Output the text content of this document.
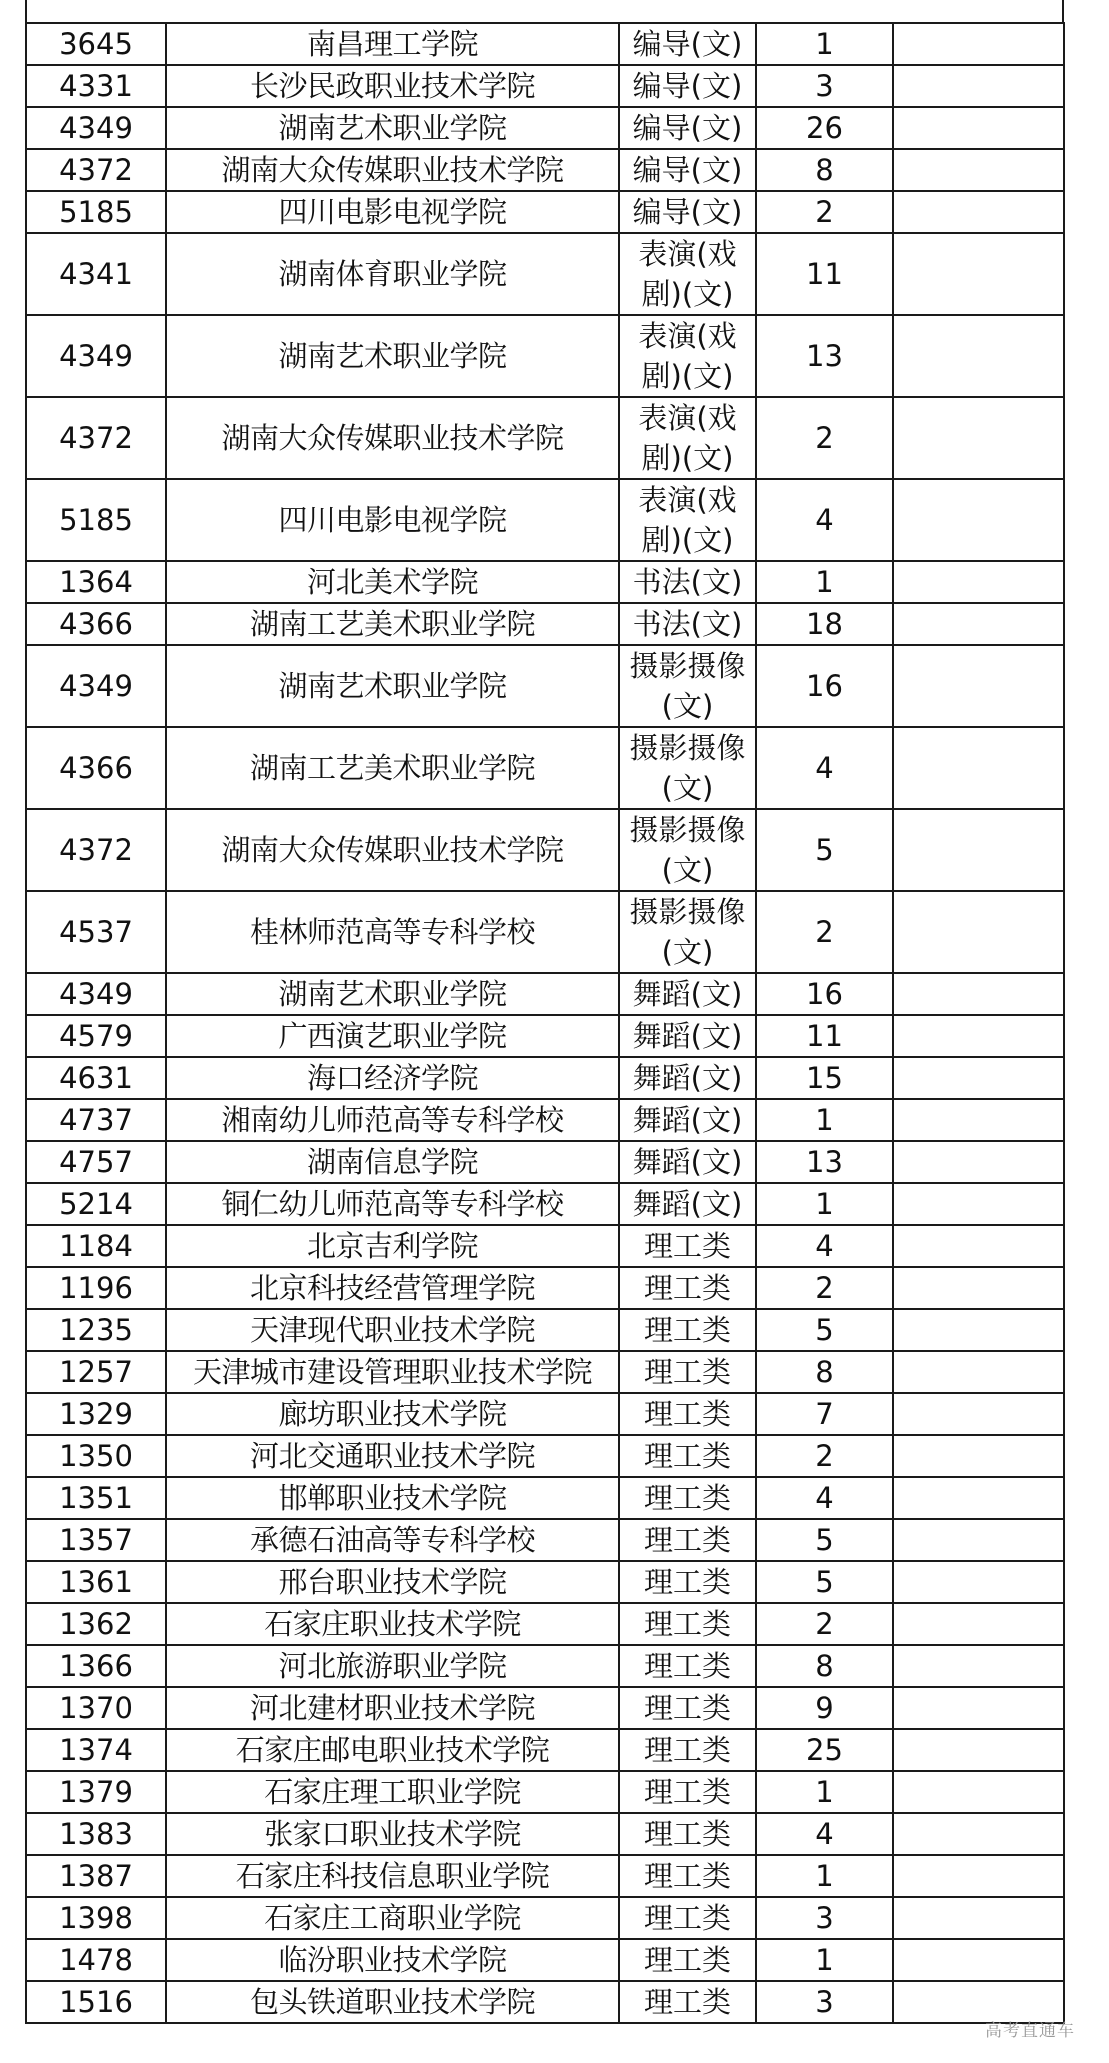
3645	南昌理工学院	编导(文)	1	
4331	长沙民政职业技术学院	编导(文)	3	
4349	湖南艺术职业学院	编导(文)	26	
4372	湖南大众传媒职业技术学院	编导(文)	8	
5185	四川电影电视学院	编导(文)	2	
4341	湖南体育职业学院	表演(戏剧)(文)	11	
4349	湖南艺术职业学院	表演(戏剧)(文)	13	
4372	湖南大众传媒职业技术学院	表演(戏剧)(文)	2	
5185	四川电影电视学院	表演(戏剧)(文)	4	
1364	河北美术学院	书法(文)	1	
4366	湖南工艺美术职业学院	书法(文)	18	
4349	湖南艺术职业学院	摄影摄像(文)	16	
4366	湖南工艺美术职业学院	摄影摄像(文)	4	
4372	湖南大众传媒职业技术学院	摄影摄像(文)	5	
4537	桂林师范高等专科学校	摄影摄像(文)	2	
4349	湖南艺术职业学院	舞蹈(文)	16	
4579	广西演艺职业学院	舞蹈(文)	11	
4631	海口经济学院	舞蹈(文)	15	
4737	湘南幼儿师范高等专科学校	舞蹈(文)	1	
4757	湖南信息学院	舞蹈(文)	13	
5214	铜仁幼儿师范高等专科学校	舞蹈(文)	1	
1184	北京吉利学院	理工类	4	
1196	北京科技经营管理学院	理工类	2	
1235	天津现代职业技术学院	理工类	5	
1257	天津城市建设管理职业技术学院	理工类	8	
1329	廊坊职业技术学院	理工类	7	
1350	河北交通职业技术学院	理工类	2	
1351	邯郸职业技术学院	理工类	4	
1357	承德石油高等专科学校	理工类	5	
1361	邢台职业技术学院	理工类	5	
1362	石家庄职业技术学院	理工类	2	
1366	河北旅游职业学院	理工类	8	
1370	河北建材职业技术学院	理工类	9	
1374	石家庄邮电职业技术学院	理工类	25	
1379	石家庄理工职业学院	理工类	1	
1383	张家口职业技术学院	理工类	4	
1387	石家庄科技信息职业学院	理工类	1	
1398	石家庄工商职业学院	理工类	3	
1478	临汾职业技术学院	理工类	1	
1516	包头铁道职业技术学院	理工类	3	
高考直通车
